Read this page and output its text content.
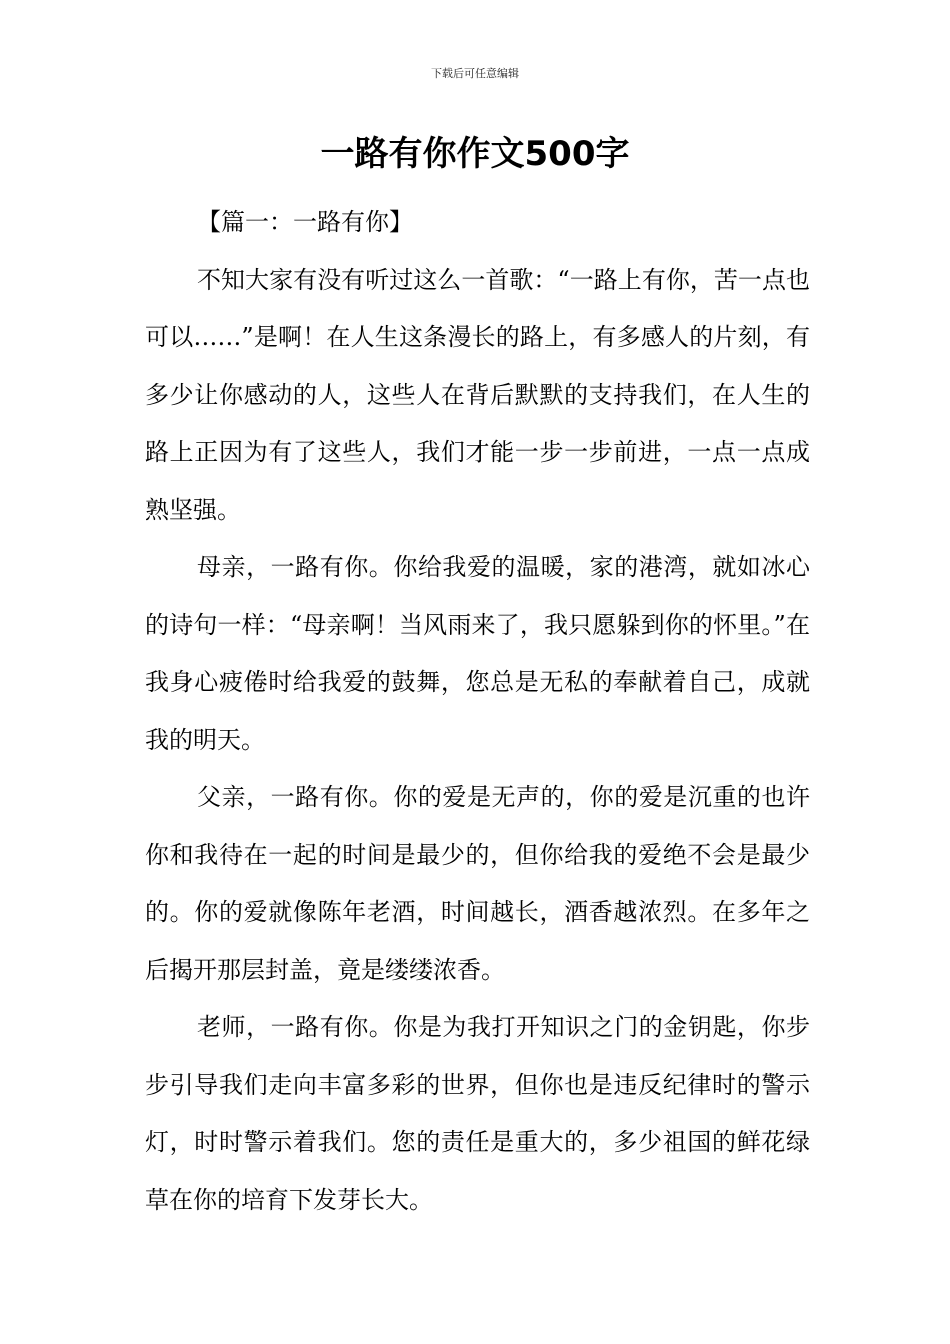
下载后可任意编辑
一路有你作文500字

【篇一：一路有你】

不知大家有没有听过这么一首歌：“一路上有你，苦一点也可以……”是啊！在人生这条漫长的路上，有多感人的片刻，有多少让你感动的人，这些人在背后默默的支持我们，在人生的路上正因为有了这些人，我们才能一步一步前进，一点一点成熟坚强。

母亲，一路有你。你给我爱的温暖，家的港湾，就如冰心的诗句一样：“母亲啊！当风雨来了，我只愿躲到你的怀里。”在我身心疲倦时给我爱的鼓舞，您总是无私的奉献着自己，成就我的明天。

父亲，一路有你。你的爱是无声的，你的爱是沉重的也许你和我待在一起的时间是最少的，但你给我的爱绝不会是最少的。你的爱就像陈年老酒，时间越长，酒香越浓烈。在多年之后揭开那层封盖，竟是缕缕浓香。

老师，一路有你。你是为我打开知识之门的金钥匙，你步步引导我们走向丰富多彩的世界，但你也是违反纪律时的警示灯，时时警示着我们。您的责任是重大的，多少祖国的鲜花绿草在你的培育下发芽长大。
